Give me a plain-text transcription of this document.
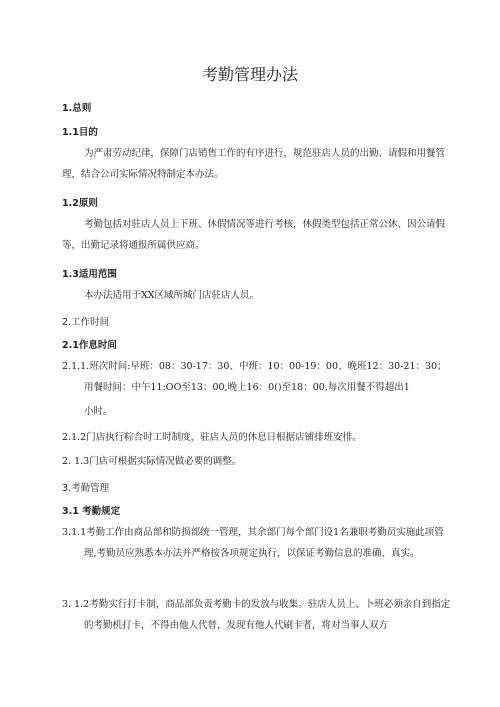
考勤管理办法
1.总则
1.1目的
为严肃劳动纪律，保障门店销售工作的有序进行，规范驻店人员的出勤、请假和用餐管理，结合公司实际情况特制定本办法。
1.2原则
考勤包括对驻店人员上下班、休假情况等进行考核，休假类型包括正常公休、因公请假等，出勤记录将通报所属供应商。
1.3适用范围
本办法适用于XX区域所城门店驻店人员。
2.工作时间
2.1作息时间
2.1.1.班次时间:早班：08：30-17：30、中班：10：00-19：00、晚班12：30-21：30；用餐时间：中午11:OO至13：00,晚上16：0()至18：00,每次用餐不得超出1
小时。
2.1.2门店执行粽合时工时制度，驻店人员的休息日根据店铺排班安排。
2. 1.3门店可根据实际情况做必要的调整。
3.考勤管理
3.1 考勤规定
3.1.1考勤工作由商品部和防损部统一管理，其余部门每个部门设1名兼职考勤员实施此项管理,考勤员应熟悉本办法并严格按各项规定执行，以保证考勤信息的准确、真实。
3. 1.2考勤实行打卡制，商品部负责考勤卡的发放与收集。驻店人员上、卜班必须亲自到指定的考勤机打卡，不得由他人代替，发现有他人代刷卡者，将对当事人双方
